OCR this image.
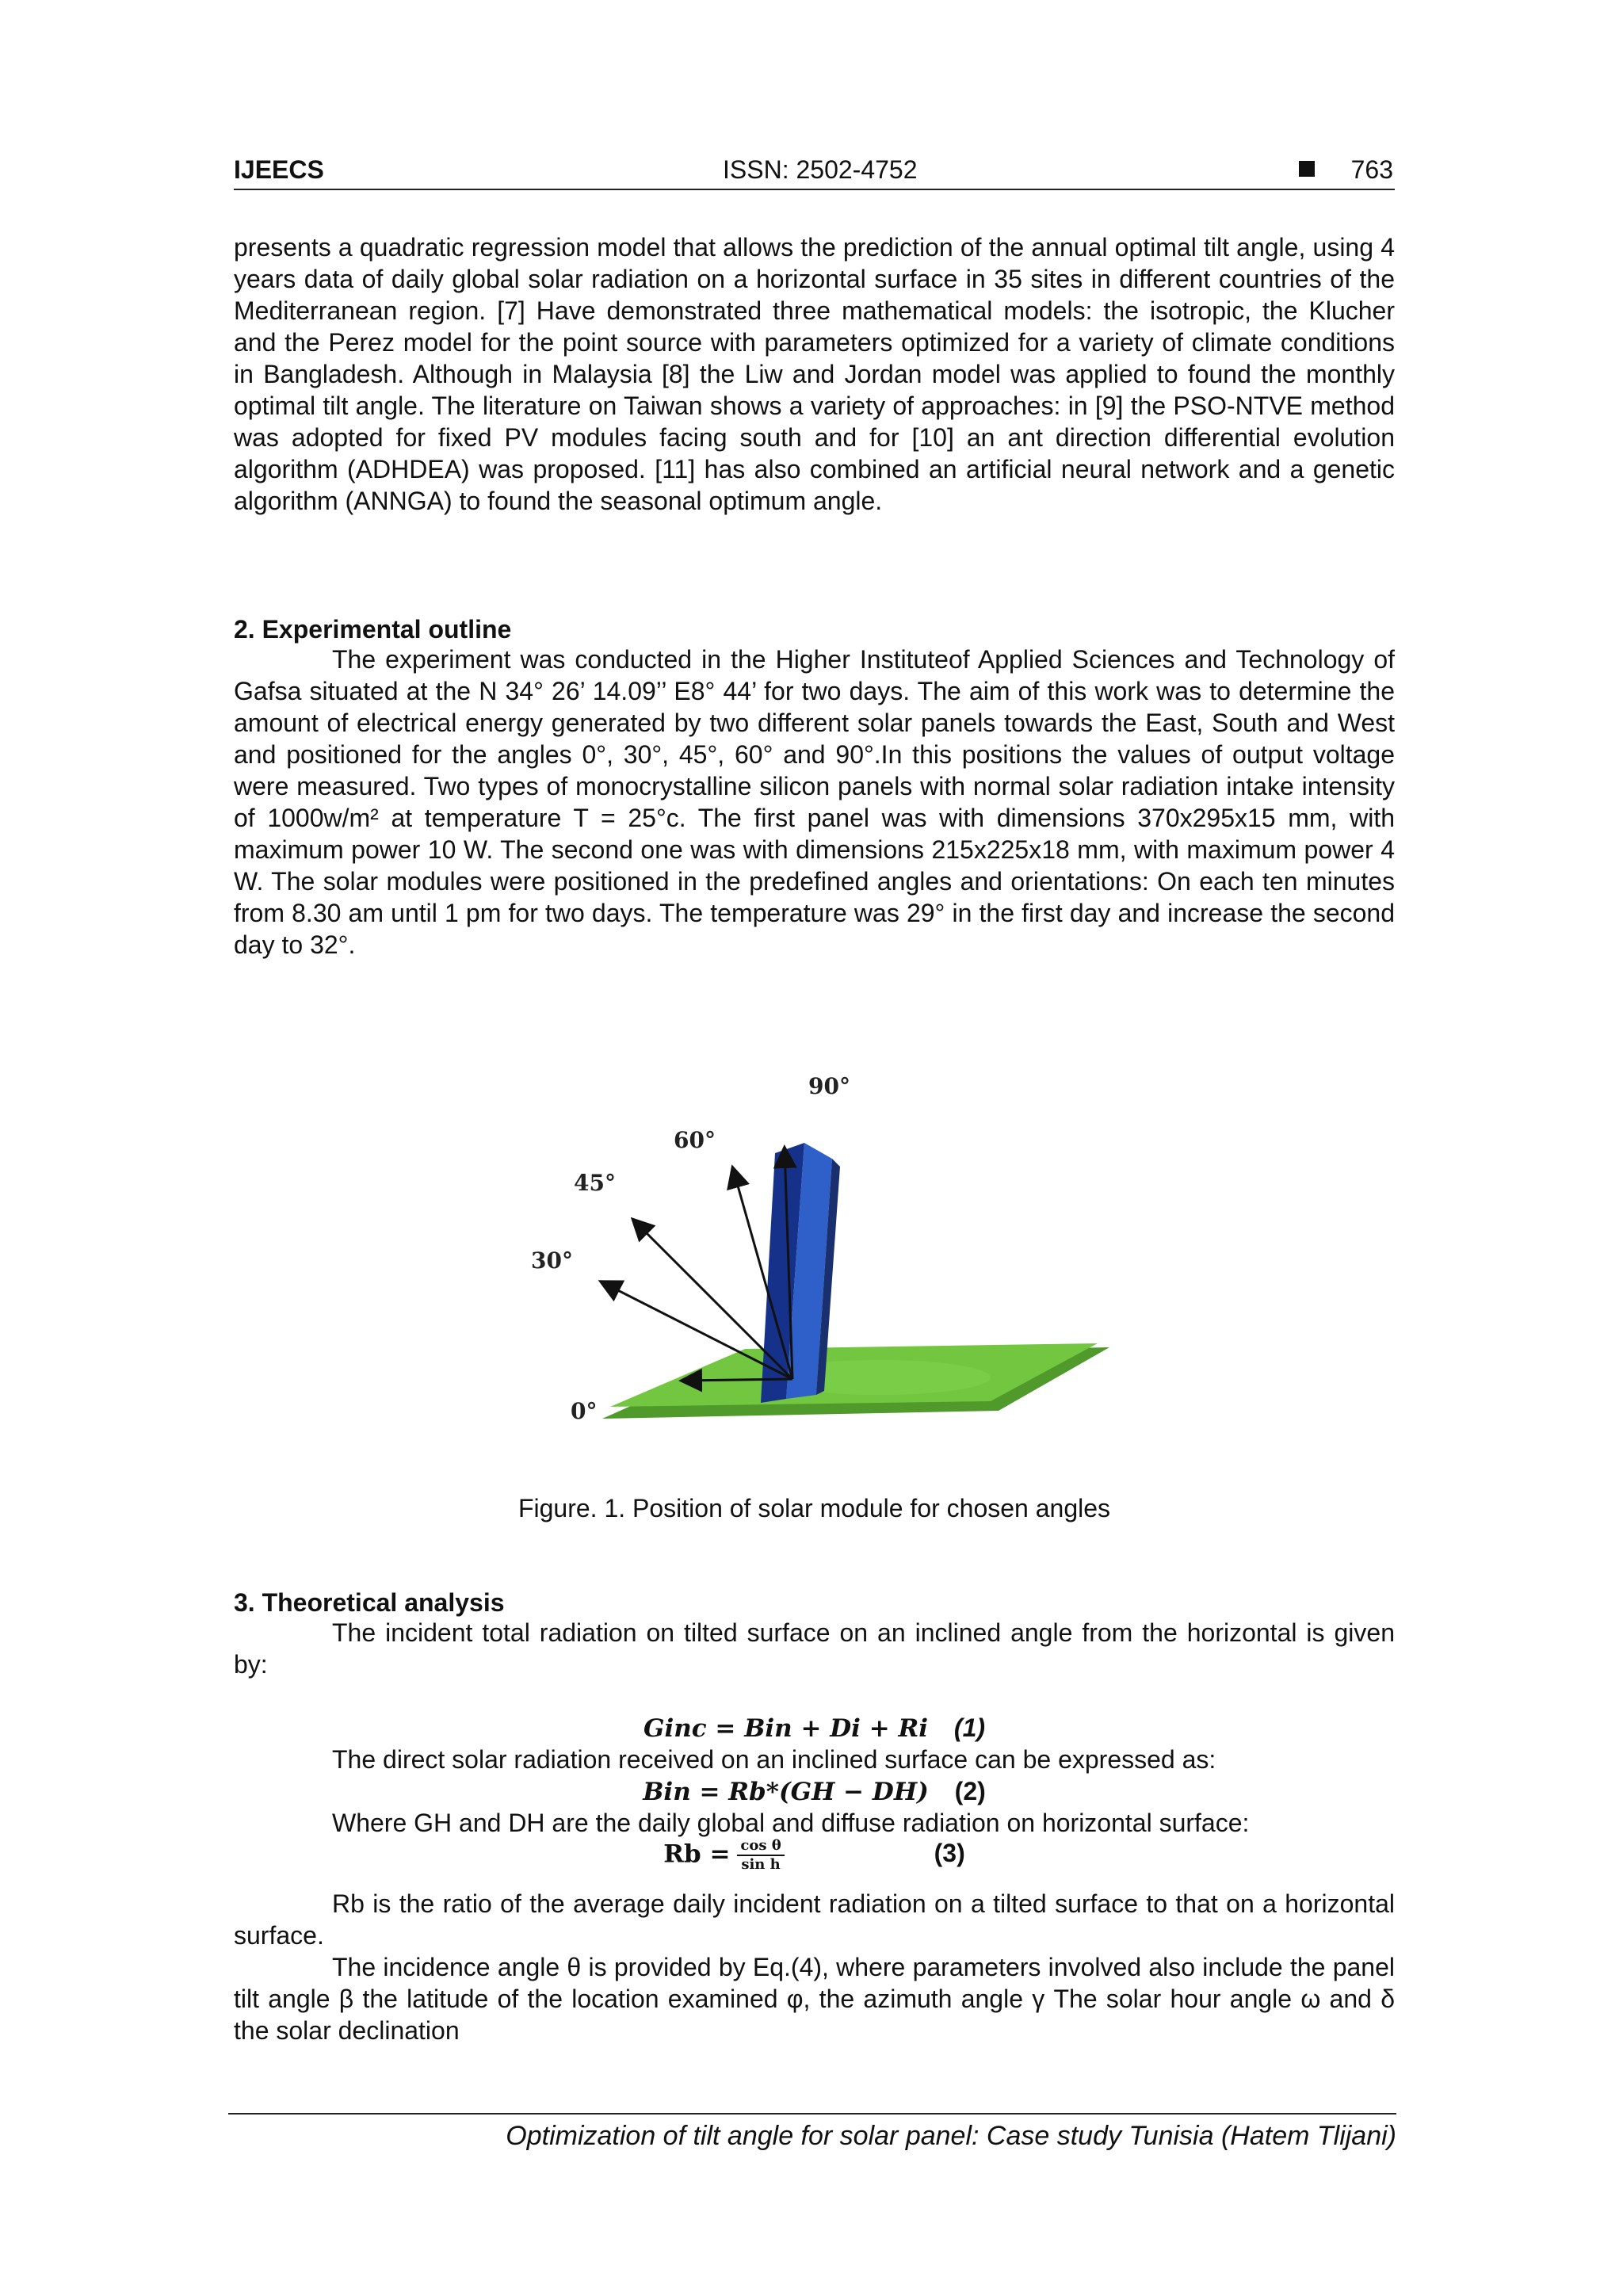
IJEECS	ISSN: 2502-4752	763

presents a quadratic regression model that allows the prediction of the annual optimal tilt angle, using 4 years data of daily global solar radiation on a horizontal surface in 35 sites in different countries of the Mediterranean region. [7] Have demonstrated three mathematical models: the isotropic, the Klucher and the Perez model for the point source with parameters optimized for a variety of climate conditions in Bangladesh. Although in Malaysia [8] the Liw and Jordan model was applied to found the monthly optimal tilt angle. The literature on Taiwan shows a variety of approaches: in [9] the PSO-NTVE method was adopted for fixed PV modules facing south and for [10] an ant direction differential evolution algorithm (ADHDEA) was proposed. [11] has also combined an artificial neural network and a genetic algorithm (ANNGA) to found the seasonal optimum angle.

2. Experimental outline

The experiment was conducted in the Higher Instituteof Applied Sciences and Technology of Gafsa situated at the N 34° 26’ 14.09’’ E8° 44’ for two days. The aim of this work was to determine the amount of electrical energy generated by two different solar panels towards the East, South and West and positioned for the angles 0°, 30°, 45°, 60° and 90°.In this positions the values of output voltage were measured. Two types of monocrystalline silicon panels with normal solar radiation intake intensity of 1000w/m² at temperature T = 25°c. The first panel was with dimensions 370x295x15 mm, with maximum power 10 W. The second one was with dimensions 215x225x18 mm, with maximum power 4 W. The solar modules were positioned in the predefined angles and orientations: On each ten minutes from 8.30 am until 1 pm for two days. The temperature was 29° in the first day and increase the second day to 32°.

90°
60°
45°
30°
0°
Figure. 1. Position of solar module for chosen angles

3. Theoretical analysis

The incident total radiation on tilted surface on an inclined angle from the horizontal is given by:

Ginc = Bin + Di + Ri (1)

The direct solar radiation received on an inclined surface can be expressed as:

Bin = Rb*(GH − DH) (2)

Where GH and DH are the daily global and diffuse radiation on horizontal surface:

$Rb = \frac{\text{cos θ}}{\text{sin h}}$	(3)

Rb is the ratio of the average daily incident radiation on a tilted surface to that on a horizontal surface.

The incidence angle θ is provided by Eq.(4), where parameters involved also include the panel tilt angle β the latitude of the location examined φ, the azimuth angle γ The solar hour angle ω and δ the solar declination

Optimization of tilt angle for solar panel: Case study Tunisia (Hatem Tlijani)
